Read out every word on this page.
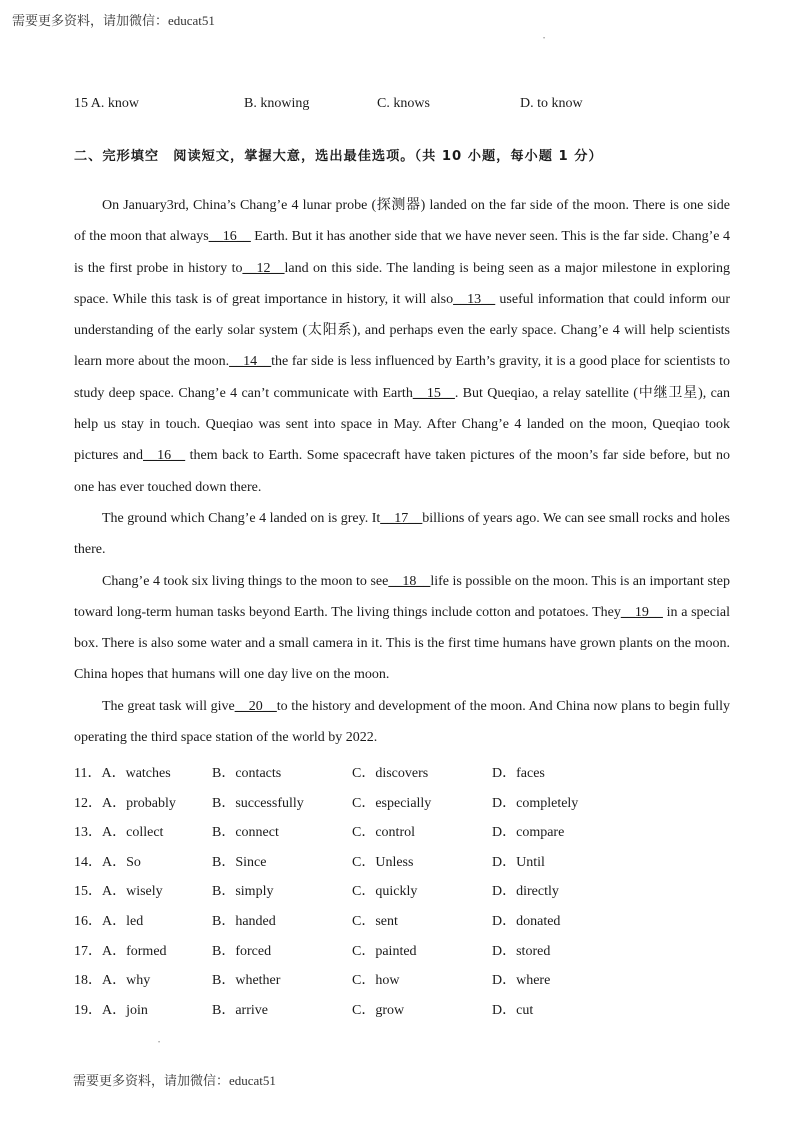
需要更多资料，请加微信：educat51
•
15 A. know	B. knowing	C. knows	D. to know
二、完形填空　阅读短文，掌握大意，选出最佳选项。（共 10 小题，每小题 1 分）

On January3rd, China’s Chang’e 4 lunar probe (探测器) landed on the far side of the moon. There is one side of the moon that always__16__ Earth. But it has another side that we have never seen. This is the far side. Chang’e 4 is the first probe in history to__12__land on this side. The landing is being seen as a major milestone in exploring space. While this task is of great importance in history, it will also__13__ useful information that could inform our understanding of the early solar system (太阳系), and perhaps even the early space. Chang’e 4 will help scientists learn more about the moon.__14__the far side is less influenced by Earth’s gravity, it is a good place for scientists to study deep space. Chang’e 4 can’t communicate with Earth__15__. But Queqiao, a relay satellite (中继卫星), can help us stay in touch. Queqiao was sent into space in May. After Chang’e 4 landed on the moon, Queqiao took pictures and__16__ them back to Earth. Some spacecraft have taken pictures of the moon’s far side before, but no one has ever touched down there.

The ground which Chang’e 4 landed on is grey. It__17__billions of years ago. We can see small rocks and holes there.

Chang’e 4 took six living things to the moon to see__18__life is possible on the moon. This is an important step toward long-term human tasks beyond Earth. The living things include cotton and potatoes. They__19__ in a special box. There is also some water and a small camera in it. This is the first time humans have grown plants on the moon. China hopes that humans will one day live on the moon.

The great task will give__20__to the history and development of the moon. And China now plans to begin fully operating the third space station of the world by 2022.

11．A．watches	B．contacts	C．discovers	D．faces
12．A．probably	B．successfully	C．especially	D．completely
13．A．collect	B．connect	C．control	D．compare
14．A．So	B．Since	C．Unless	D．Until
15．A．wisely	B．simply	C．quickly	D．directly
16．A．led	B．handed	C．sent	D．donated
17．A．formed	B．forced	C．painted	D．stored
18．A．why	B．whether	C．how	D．where
19．A．join	B．arrive	C．grow	D．cut
•
需要更多资料，请加微信：educat51
